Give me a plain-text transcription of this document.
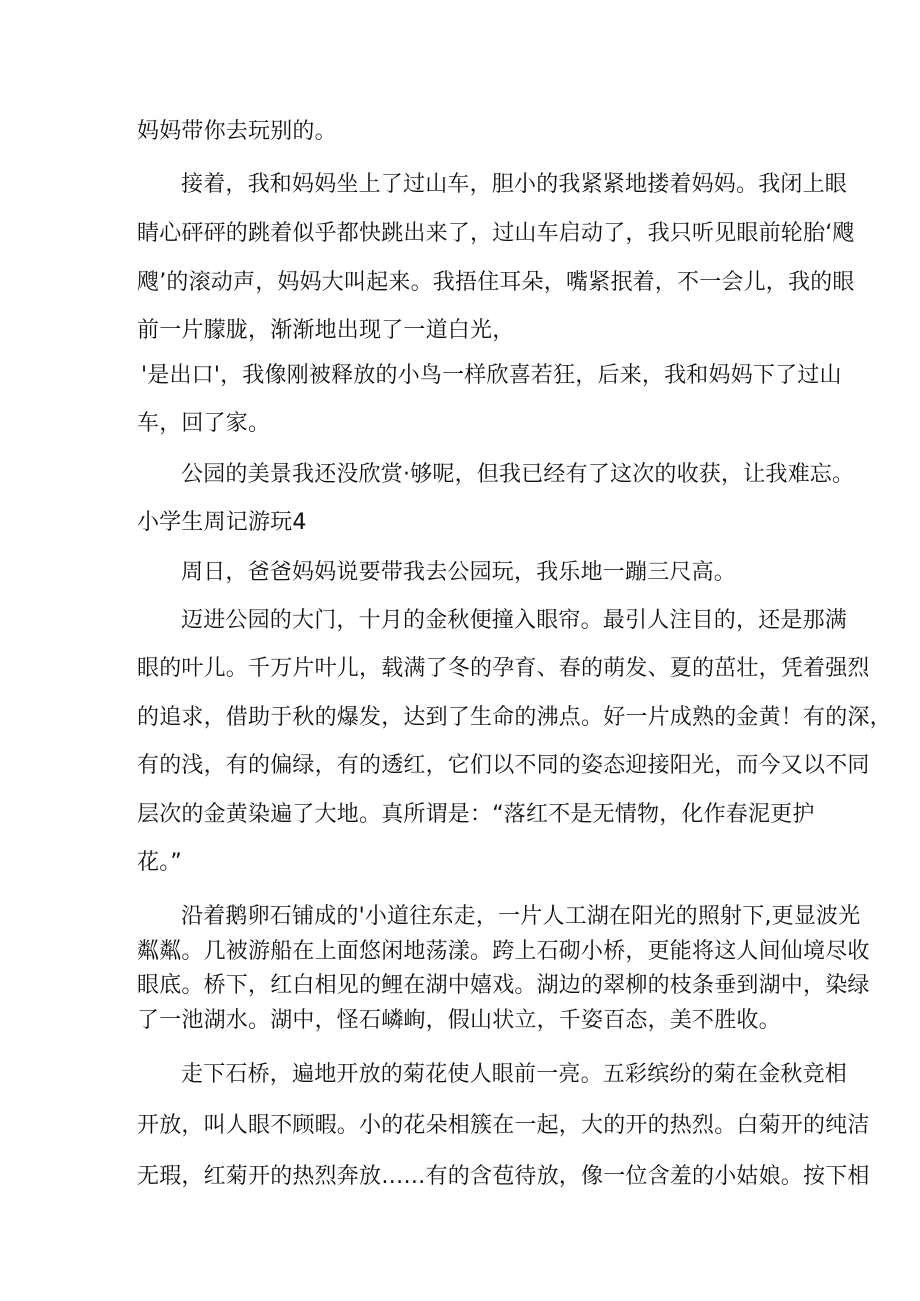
妈妈带你去玩别的。
接着，我和妈妈坐上了过山车，胆小的我紧紧地搂着妈妈。我闭上眼
睛心砰砰的跳着似乎都快跳出来了，过山车启动了，我只听见眼前轮胎‘飕
飕’的滚动声，妈妈大叫起来。我捂住耳朵，嘴紧抿着，不一会儿，我的眼
前一片朦胧，渐渐地出现了一道白光，
'是出口'，我像刚被释放的小鸟一样欣喜若狂，后来，我和妈妈下了过山
车，回了家。
公园的美景我还没欣赏·够呢，但我已经有了这次的收获，让我难忘。
小学生周记游玩4
周日，爸爸妈妈说要带我去公园玩，我乐地一蹦三尺高。
迈进公园的大门，十月的金秋便撞入眼帘。最引人注目的，还是那满
眼的叶儿。千万片叶儿，载满了冬的孕育、春的萌发、夏的茁壮，凭着强烈
的追求，借助于秋的爆发，达到了生命的沸点。好一片成熟的金黄！有的深，
有的浅，有的偏绿，有的透红，它们以不同的姿态迎接阳光，而今又以不同
层次的金黄染遍了大地。真所谓是：“落红不是无情物，化作春泥更护
花。”
沿着鹅卵石铺成的'小道往东走，一片人工湖在阳光的照射下,更显波光
粼粼。几被游船在上面悠闲地荡漾。跨上石砌小桥，更能将这人间仙境尽收
眼底。桥下，红白相见的鲤在湖中嬉戏。湖边的翠柳的枝条垂到湖中，染绿
了一池湖水。湖中，怪石嶙峋，假山状立，千姿百态，美不胜收。
走下石桥，遍地开放的菊花使人眼前一亮。五彩缤纷的菊在金秋竞相
开放，叫人眼不顾暇。小的花朵相簇在一起，大的开的热烈。白菊开的纯洁
无瑕，红菊开的热烈奔放……有的含苞待放，像一位含羞的小姑娘。按下相
